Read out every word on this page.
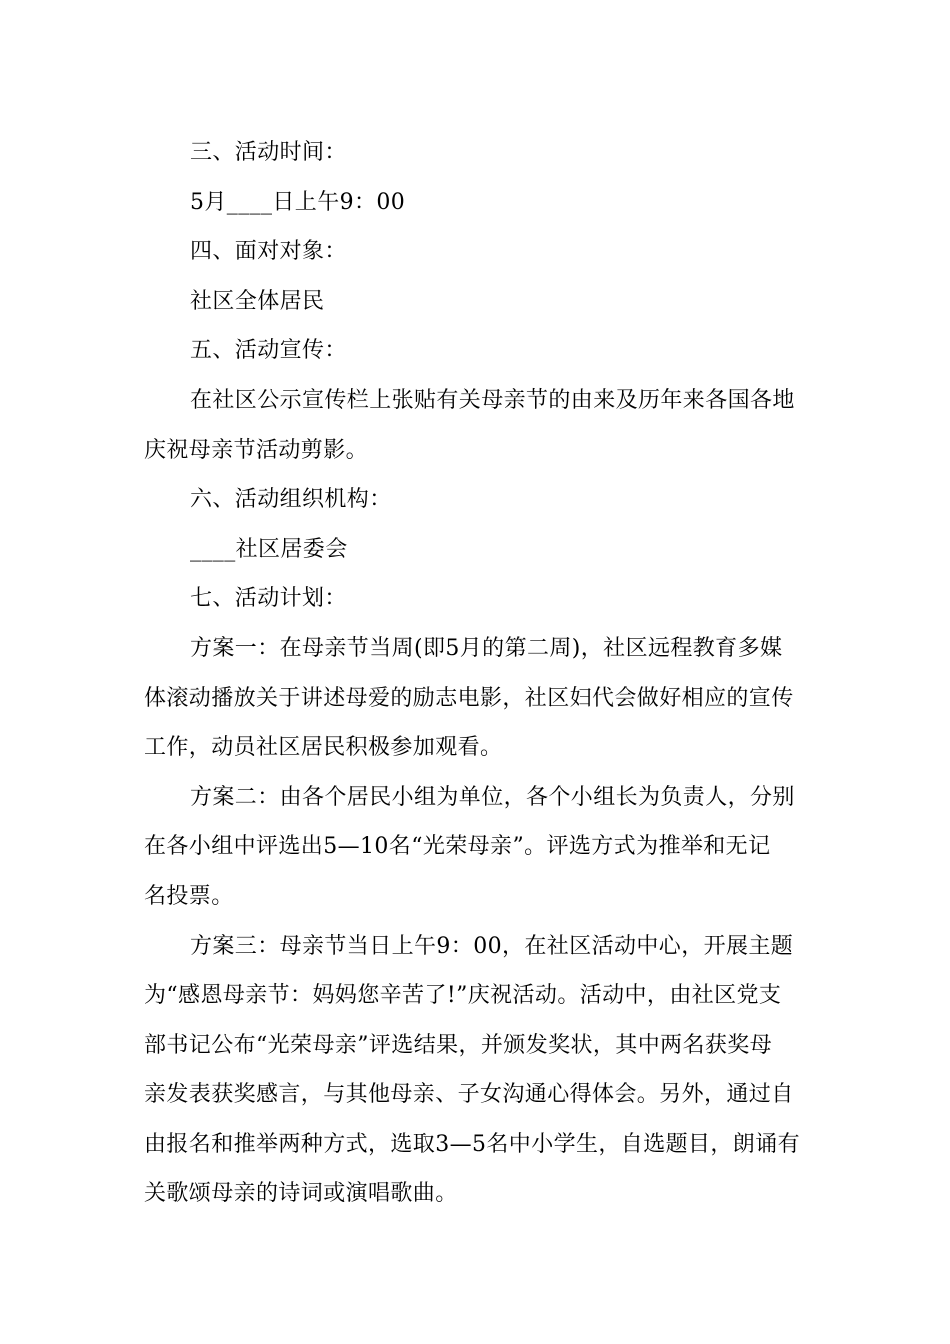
三、活动时间：
5月____日上午9：00
四、面对对象：
社区全体居民
五、活动宣传：
在社区公示宣传栏上张贴有关母亲节的由来及历年来各国各地
庆祝母亲节活动剪影。
六、活动组织机构：
____社区居委会
七、活动计划：
方案一：在母亲节当周(即5月的第二周)，社区远程教育多媒
体滚动播放关于讲述母爱的励志电影，社区妇代会做好相应的宣传
工作，动员社区居民积极参加观看。
方案二：由各个居民小组为单位，各个小组长为负责人，分别
在各小组中评选出5—10名“光荣母亲”。评选方式为推举和无记
名投票。
方案三：母亲节当日上午9：00，在社区活动中心，开展主题
为“感恩母亲节：妈妈您辛苦了!”庆祝活动。活动中，由社区党支
部书记公布“光荣母亲”评选结果，并颁发奖状，其中两名获奖母
亲发表获奖感言，与其他母亲、子女沟通心得体会。另外，通过自
由报名和推举两种方式，选取3—5名中小学生，自选题目，朗诵有
关歌颂母亲的诗词或演唱歌曲。
